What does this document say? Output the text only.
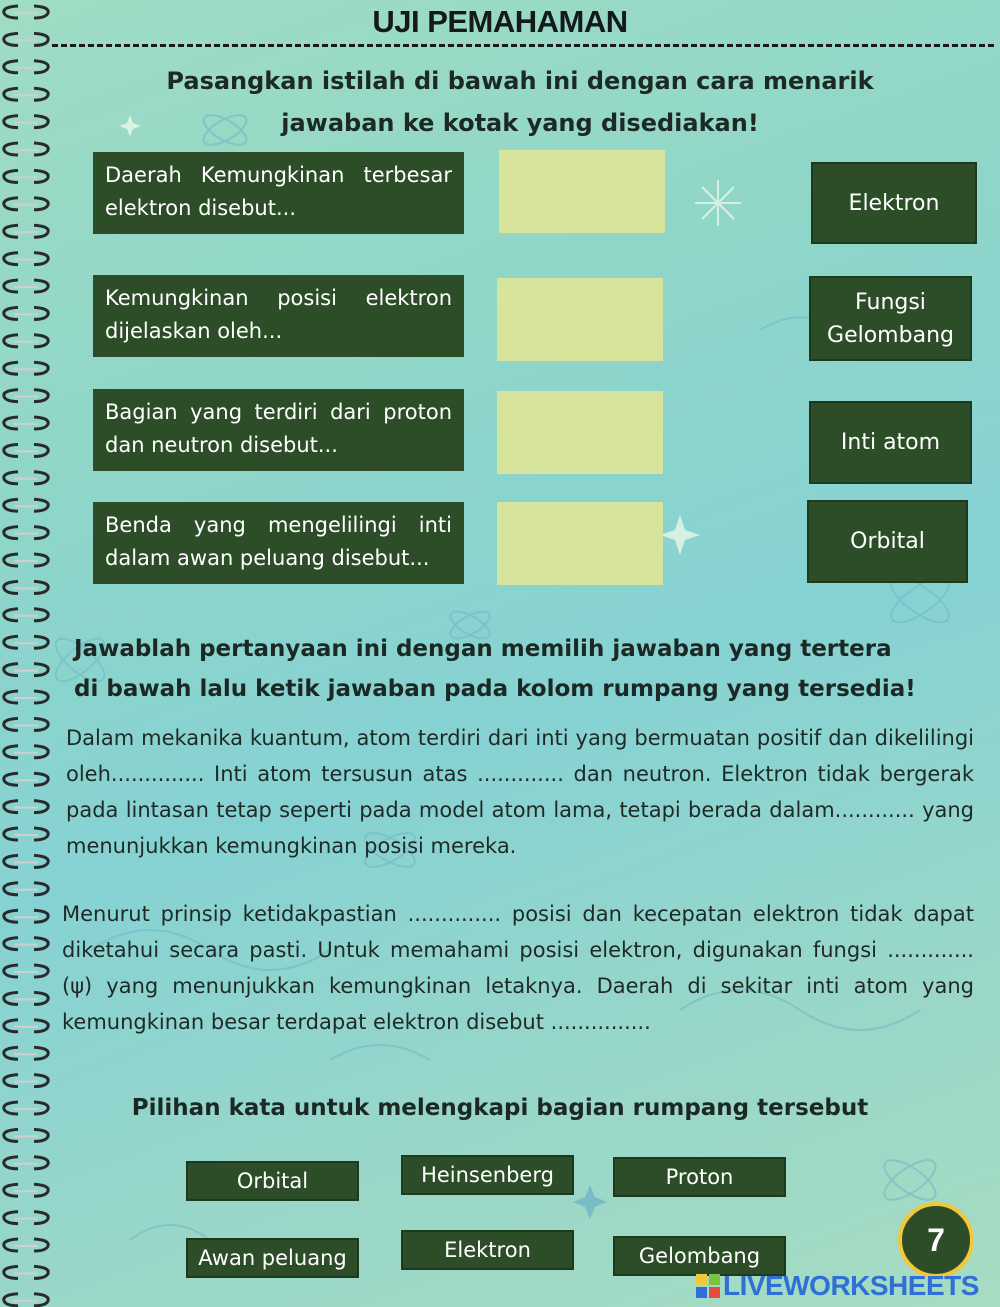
UJI PEMAHAMAN
Pasangkan istilah di bawah ini dengan cara menarik
jawaban ke kotak yang disediakan!
Daerah Kemungkinan terbesar elektron disebut...
Kemungkinan posisi elektron dijelaskan oleh...
Bagian yang terdiri dari proton dan neutron disebut...
Benda yang mengelilingi inti dalam awan peluang disebut...
Elektron
Fungsi Gelombang
Inti atom
Orbital
Jawablah pertanyaan ini dengan memilih jawaban yang tertera
di bawah lalu ketik jawaban pada kolom rumpang yang tersedia!
Dalam mekanika kuantum, atom terdiri dari inti yang bermuatan positif dan dikelilingi oleh.............. Inti atom tersusun atas ............. dan neutron. Elektron tidak bergerak pada lintasan tetap seperti pada model atom lama, tetapi berada dalam............ yang menunjukkan kemungkinan posisi mereka.
Menurut prinsip ketidakpastian .............. posisi dan kecepatan elektron tidak dapat diketahui secara pasti. Untuk memahami posisi elektron, digunakan fungsi ............. (ψ) yang menunjukkan kemungkinan letaknya. Daerah di sekitar inti atom yang kemungkinan besar terdapat elektron disebut ...............
Pilihan kata untuk melengkapi bagian rumpang tersebut
Orbital	Heinsenberg	Proton
Awan peluang	Elektron	Gelombang	7
LIVEWORKSHEETS
